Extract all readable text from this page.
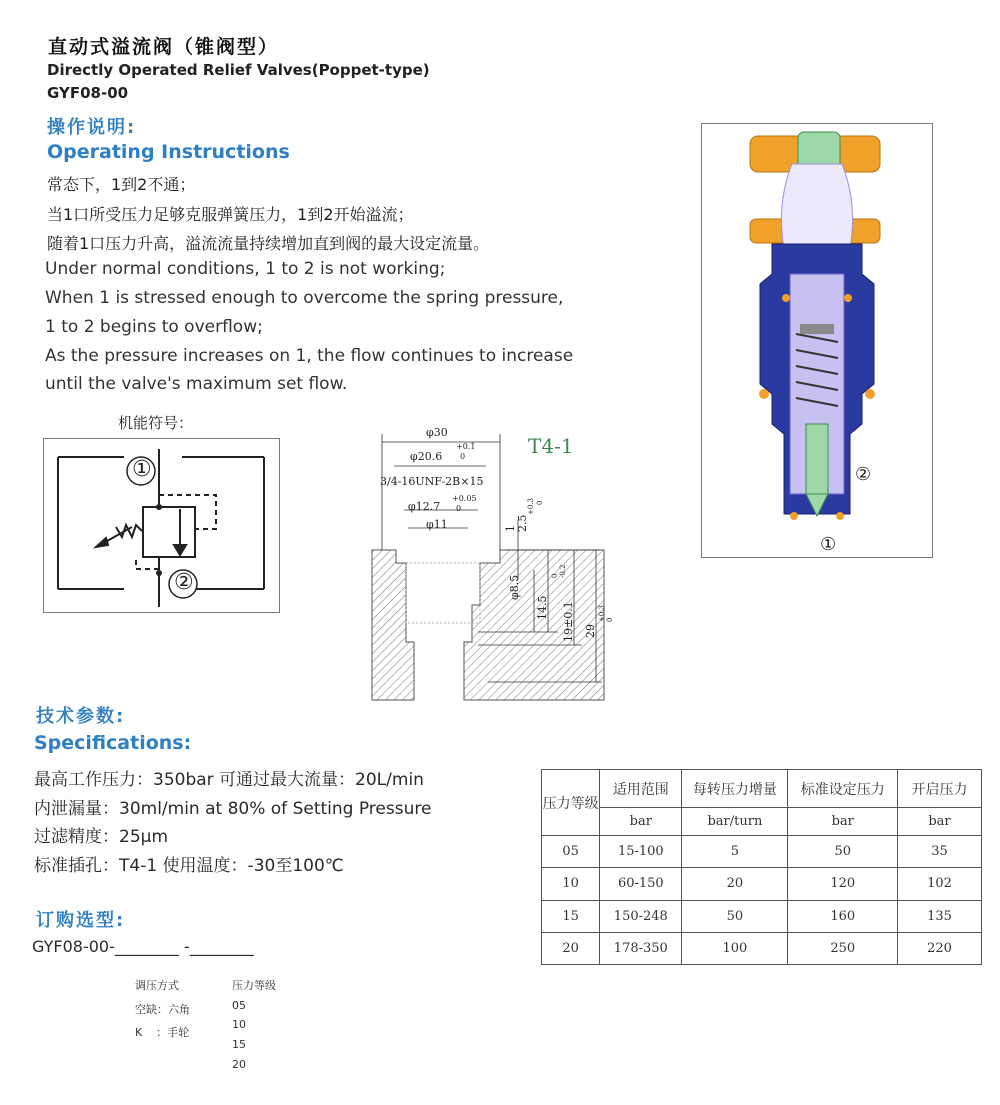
直动式溢流阀（锥阀型）
Directly Operated Relief Valves(Poppet-type)
GYF08-00
操作说明:
Operating Instructions
常态下，1到2不通；
当1口所受压力足够克服弹簧压力，1到2开始溢流；
随着1口压力升高，溢流流量持续增加直到阀的最大设定流量。
Under normal conditions, 1 to 2 is not working;
When 1 is stressed enough to overcome the spring pressure,
1 to 2 begins to overflow;
As the pressure increases on 1, the flow continues to increase
until the valve's maximum set flow.
机能符号：
①
②
T4-1
φ30
φ20.6
+0.1
0
3/4-16UNF-2B×15
φ12.7
+0.05
0
φ11
φ8.5
1 2.5
+0.3 0
14.5
0 -0.2
19±0.1 29
+0.3 0
②
①
技术参数:
Specifications:
最高工作压力：350bar 可通过最大流量：20L/min
内泄漏量：30ml/min at 80% of Setting Pressure
过滤精度：25μm
标准插孔：T4-1 使用温度：-30至100℃
压力等级	适用范围	每转压力增量	标准设定压力	开启压力
	bar	bar/turn	bar	bar
05	15-100	5	50	35
10	60-150	20	120	102
15	150-248	50	160	135
20	178-350	100	250	220
订购选型:
GYF08-00-________ -________
调压方式
空缺：六角
K    ：手轮
压力等级
05
10
15
20
